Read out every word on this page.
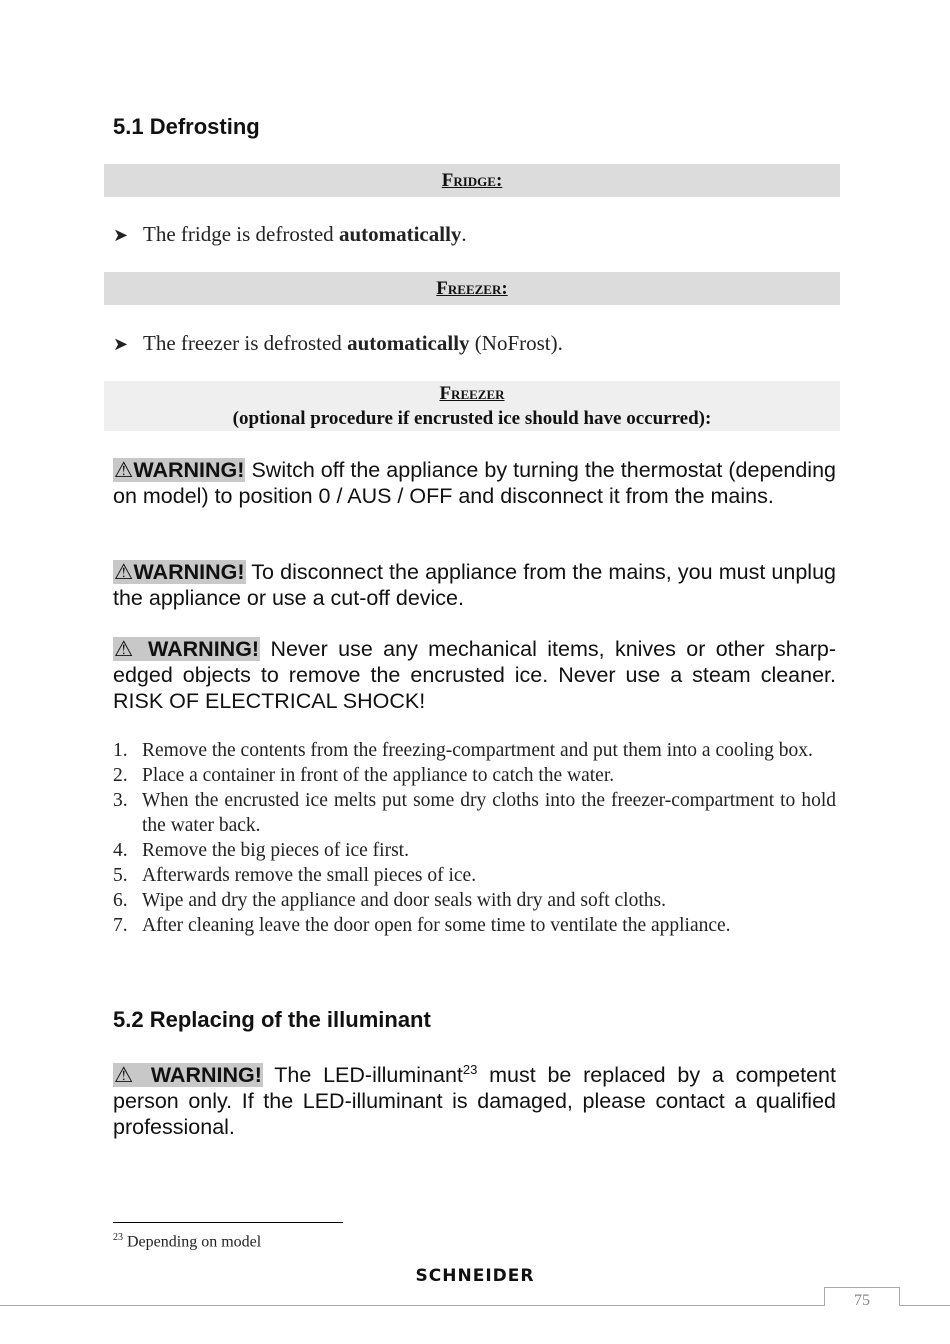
5.1 Defrosting
Fridge:
➤ The fridge is defrosted automatically.
Freezer:
➤ The freezer is defrosted automatically (NoFrost).
Freezer
(optional procedure if encrusted ice should have occurred):
⚠WARNING! Switch off the appliance by turning the thermostat (depending on model) to position 0 / AUS / OFF and disconnect it from the mains.
⚠WARNING! To disconnect the appliance from the mains, you must unplug the appliance or use a cut-off device.
⚠ WARNING! Never use any mechanical items, knives or other sharp-edged objects to remove the encrusted ice. Never use a steam cleaner. RISK OF ELECTRICAL SHOCK!
1. Remove the contents from the freezing-compartment and put them into a cooling box.
2. Place a container in front of the appliance to catch the water.
3. When the encrusted ice melts put some dry cloths into the freezer-compartment to hold the water back.
4. Remove the big pieces of ice first.
5. Afterwards remove the small pieces of ice.
6. Wipe and dry the appliance and door seals with dry and soft cloths.
7. After cleaning leave the door open for some time to ventilate the appliance.
5.2 Replacing of the illuminant
⚠ WARNING! The LED-illuminant$^{23}$ must be replaced by a competent person only. If the LED-illuminant is damaged, please contact a qualified professional.
$^{23}$ Depending on model
SCHNEIDER
75
